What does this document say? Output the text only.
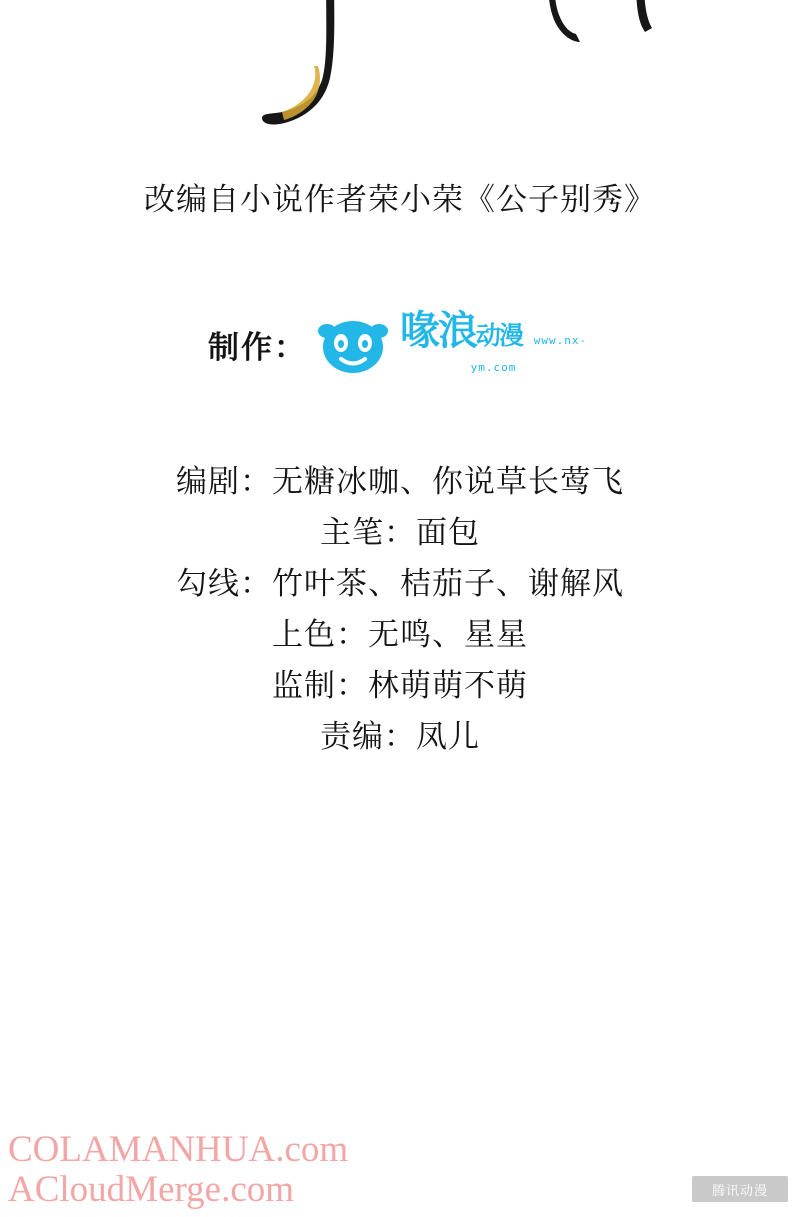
改编自小说作者荣小荣《公子别秀》
制作： 喙浪动漫 www.nx-ym.com
编剧：无糖冰咖、你说草长莺飞
主笔：面包
勾线：竹叶茶、桔茄子、谢解风
上色：无鸣、星星
监制：林萌萌不萌
责编：凤儿
COLAMANHUA.com
ACloudMerge.com	腾讯动漫
